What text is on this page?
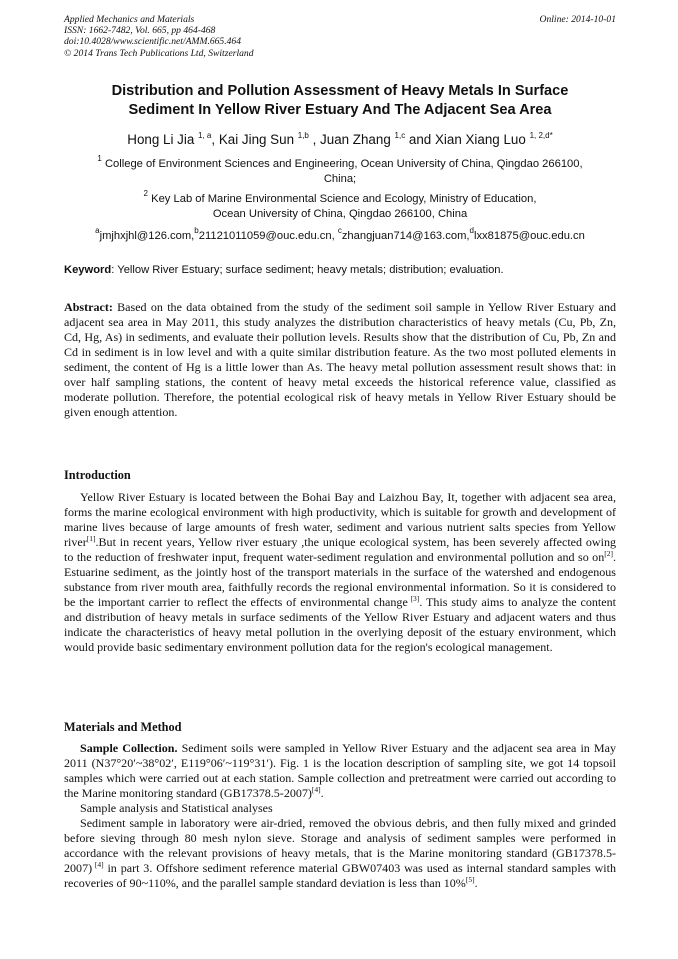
Applied Mechanics and Materials
ISSN: 1662-7482, Vol. 665, pp 464-468
doi:10.4028/www.scientific.net/AMM.665.464
© 2014 Trans Tech Publications Ltd, Switzerland
Online: 2014-10-01
Distribution and Pollution Assessment of Heavy Metals In Surface
Sediment In Yellow River Estuary And The Adjacent Sea Area
Hong Li Jia $^{1, a}$, Kai Jing Sun $^{1,b}$ , Juan Zhang $^{1,c}$ and Xian Xiang Luo $^{1, 2,d*}$
$^1$ College of Environment Sciences and Engineering, Ocean University of China, Qingdao 266100,
China;
$^2$ Key Lab of Marine Environmental Science and Ecology, Ministry of Education,
Ocean University of China, Qingdao 266100, China
$^a$jmjhxjhl@126.com,$^b$21121011059@ouc.edu.cn, $^c$zhangjuan714@163.com,$^d$lxx81875@ouc.edu.cn
Keyword: Yellow River Estuary; surface sediment; heavy metals; distribution; evaluation.
Abstract: Based on the data obtained from the study of the sediment soil sample in Yellow River Estuary and adjacent sea area in May 2011, this study analyzes the distribution characteristics of heavy metals (Cu, Pb, Zn, Cd, Hg, As) in sediments, and evaluate their pollution levels. Results show that the distribution of Cu, Pb, Zn and Cd in sediment is in low level and with a quite similar distribution feature. As the two most polluted elements in sediment, the content of Hg is a little lower than As. The heavy metal pollution assessment result shows that: in over half sampling stations, the content of heavy metal exceeds the historical reference value, classified as moderate pollution. Therefore, the potential ecological risk of heavy metals in Yellow River Estuary should be given enough attention.
Introduction

Yellow River Estuary is located between the Bohai Bay and Laizhou Bay, It, together with adjacent sea area, forms the marine ecological environment with high productivity, which is suitable for growth and development of marine lives because of large amounts of fresh water, sediment and various nutrient salts species from Yellow river[1].But in recent years, Yellow river estuary ,the unique ecological system, has been severely affected owing to the reduction of freshwater input, frequent water-sediment regulation and environmental pollution and so on[2]. Estuarine sediment, as the jointly host of the transport materials in the surface of the watershed and endogenous substance from river mouth area, faithfully records the regional environmental information. So it is considered to be the important carrier to reflect the effects of environmental change [3]. This study aims to analyze the content and distribution of heavy metals in surface sediments of the Yellow River Estuary and adjacent waters and thus indicate the characteristics of heavy metal pollution in the overlying deposit of the estuary environment, which would provide basic sedimentary environment pollution data for the region's ecological management.

Materials and Method

Sample Collection. Sediment soils were sampled in Yellow River Estuary and the adjacent sea area in May 2011 (N37°20′~38°02′, E119°06′~119°31′). Fig. 1 is the location description of sampling site, we got 14 topsoil samples which were carried out at each station. Sample collection and pretreatment were carried out according to the Marine monitoring standard (GB17378.5-2007)[4].

Sample analysis and Statistical analyses

Sediment sample in laboratory were air-dried, removed the obvious debris, and then fully mixed and grinded before sieving through 80 mesh nylon sieve. Storage and analysis of sediment samples were performed in accordance with the relevant provisions of heavy metals, that is the Marine monitoring standard (GB17378.5-2007) [4] in part 3. Offshore sediment reference material GBW07403 was used as internal standard samples with recoveries of 90~110%, and the parallel sample standard deviation is less than 10%[5].
